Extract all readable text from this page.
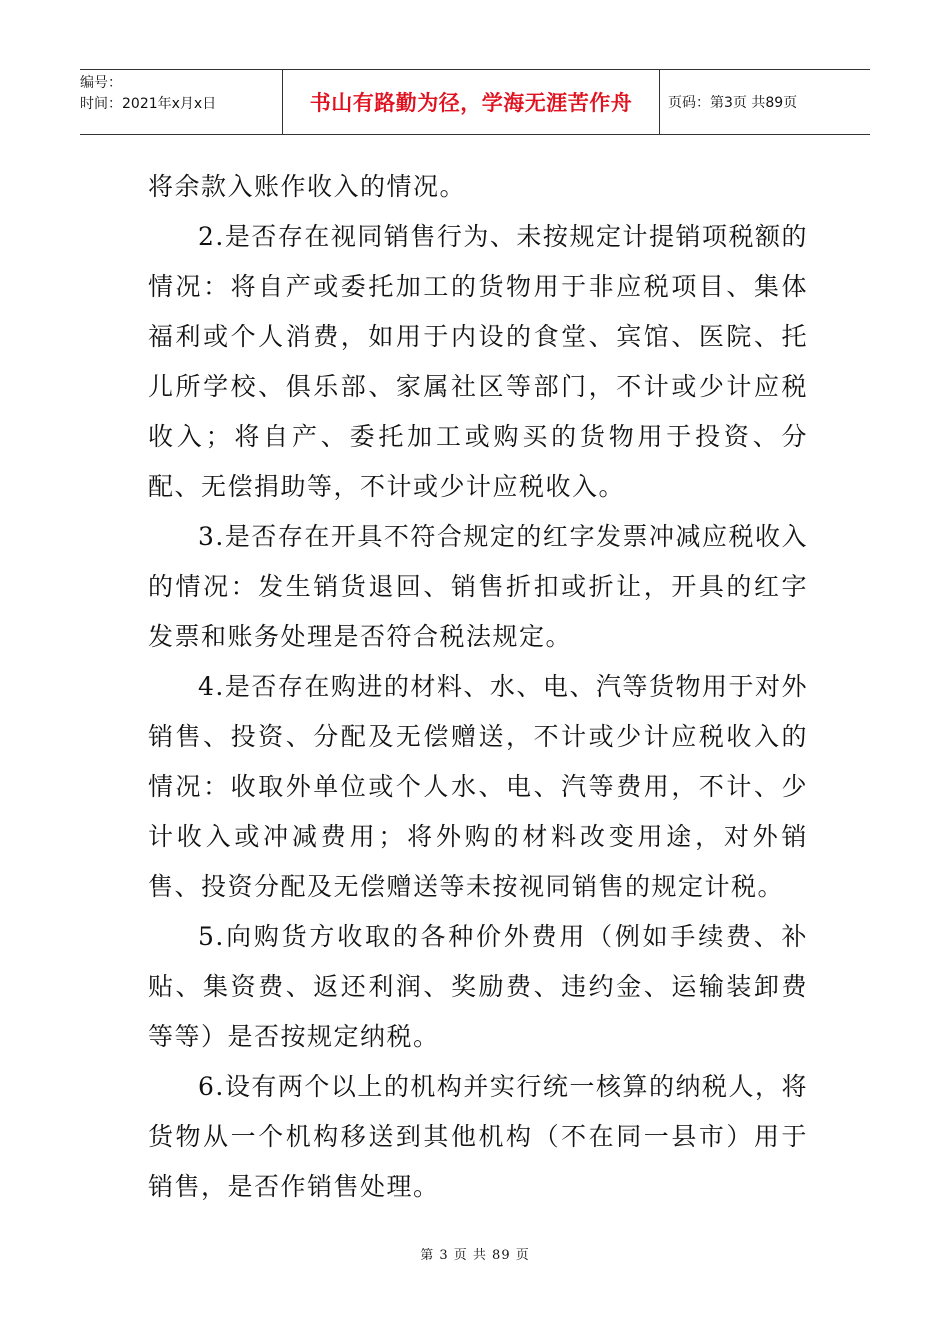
编号：
时间：2021年x月x日	书山有路勤为径，学海无涯苦作舟	页码：第3页 共89页

将余款入账作收入的情况。

2.是否存在视同销售行为、未按规定计提销项税额的情况：将自产或委托加工的货物用于非应税项目、集体福利或个人消费，如用于内设的食堂、宾馆、医院、托儿所学校、俱乐部、家属社区等部门，不计或少计应税收入；将自产、委托加工或购买的货物用于投资、分配、无偿捐助等，不计或少计应税收入。

3.是否存在开具不符合规定的红字发票冲减应税收入的情况：发生销货退回、销售折扣或折让，开具的红字发票和账务处理是否符合税法规定。

4.是否存在购进的材料、水、电、汽等货物用于对外销售、投资、分配及无偿赠送，不计或少计应税收入的情况：收取外单位或个人水、电、汽等费用，不计、少计收入或冲减费用；将外购的材料改变用途，对外销售、投资分配及无偿赠送等未按视同销售的规定计税。

5.向购货方收取的各种价外费用（例如手续费、补贴、集资费、返还利润、奖励费、违约金、运输装卸费等等）是否按规定纳税。

6.设有两个以上的机构并实行统一核算的纳税人，将货物从一个机构移送到其他机构（不在同一县市）用于销售，是否作销售处理。

第 3 页 共 89 页
